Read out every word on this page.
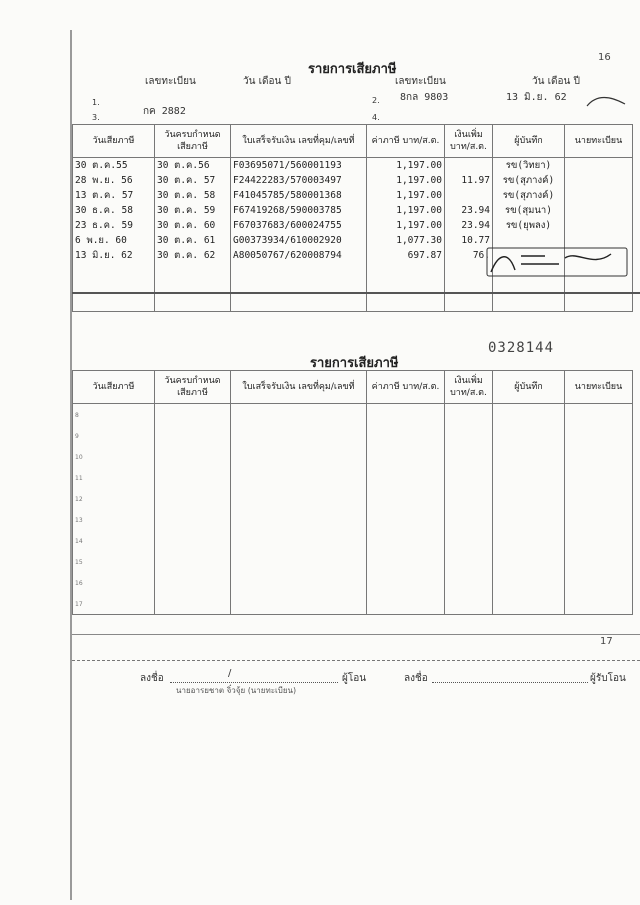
16
รายการเสียภาษี
เลขทะเบียน	วัน เดือน ปี	เลขทะเบียน	วัน เดือน ปี
1.
กค 2882
3.
2. 8กล 9803	13 มิ.ย. 62
4.
วันเสียภาษี	วันครบกำหนด เสียภาษี	ใบเสร็จรับเงิน เลขที่คุม/เลขที่	ค่าภาษี บาท/ส.ต.	เงินเพิ่ม บาท/ส.ต.	ผู้บันทึก	นายทะเบียน
30 ต.ค.55	30 ต.ค.56	F03695071/560001193	1,197.00		รข(วิทยา)	
28 พ.ย. 56	30 ต.ค. 57	F24422283/570003497	1,197.00	11.97	รข(สุภางค์)	
13 ต.ค. 57	30 ต.ค. 58	F41045785/580001368	1,197.00		รข(สุภางค์)	
30 ธ.ค. 58	30 ต.ค. 59	F67419268/590003785	1,197.00	23.94	รข(สุมนา)	
23 ธ.ค. 59	30 ต.ค. 60	F67037683/600024755	1,197.00	23.94	รข(ยุพลง)	
6 พ.ย. 60	30 ต.ค. 61	G00373934/610002920	1,077.30	10.77		
13 มิ.ย. 62	30 ต.ค. 62	A80050767/620008794	697.87	76.		

0328144
รายการเสียภาษี
วันเสียภาษี	วันครบกำหนด เสียภาษี	ใบเสร็จรับเงิน เลขที่คุม/เลขที่	ค่าภาษี บาท/ส.ต.	เงินเพิ่ม บาท/ส.ต.	ผู้บันทึก	นายทะเบียน
8						
9						
10						
11						
12						
13						
14						
15						
16						
17						
17
ลงชื่อ	/	ผู้โอน	ลงชื่อ	ผู้รับโอน
นายอารยชาต จิ๋วจุ้ย (นายทะเบียน)
